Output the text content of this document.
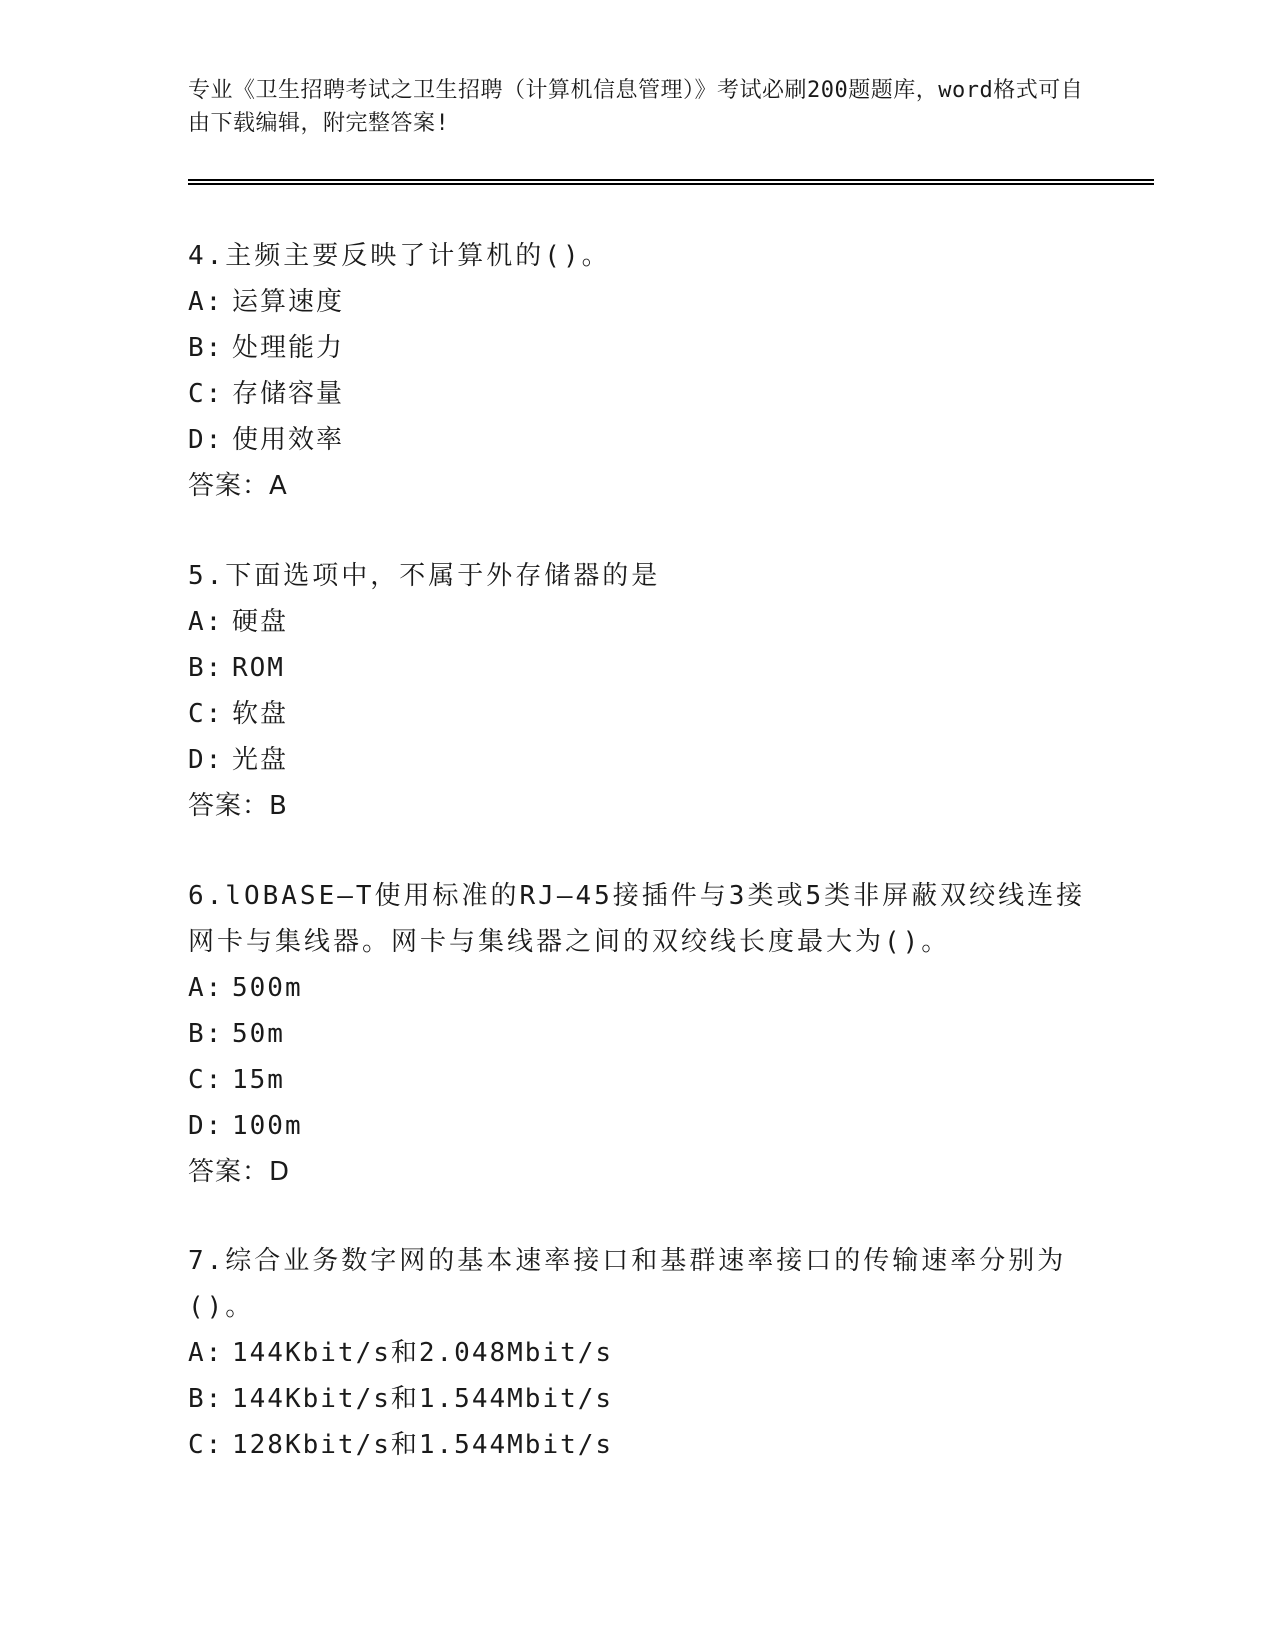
专业《卫生招聘考试之卫生招聘（计算机信息管理）》考试必刷200题题库，word格式可自由下载编辑，附完整答案!
4.主频主要反映了计算机的()。
A: 运算速度
B: 处理能力
C: 存储容量
D: 使用效率
答案：A
5.下面选项中，不属于外存储器的是
A: 硬盘
B: ROM
C: 软盘
D: 光盘
答案：B
6.lOBASE—T使用标准的RJ—45接插件与3类或5类非屏蔽双绞线连接网卡与集线器。网卡与集线器之间的双绞线长度最大为()。
A: 500m
B: 50m
C: 15m
D: 100m
答案：D
7.综合业务数字网的基本速率接口和基群速率接口的传输速率分别为()。
A: 144Kbit/s和2.048Mbit/s
B: 144Kbit/s和1.544Mbit/s
C: 128Kbit/s和1.544Mbit/s
